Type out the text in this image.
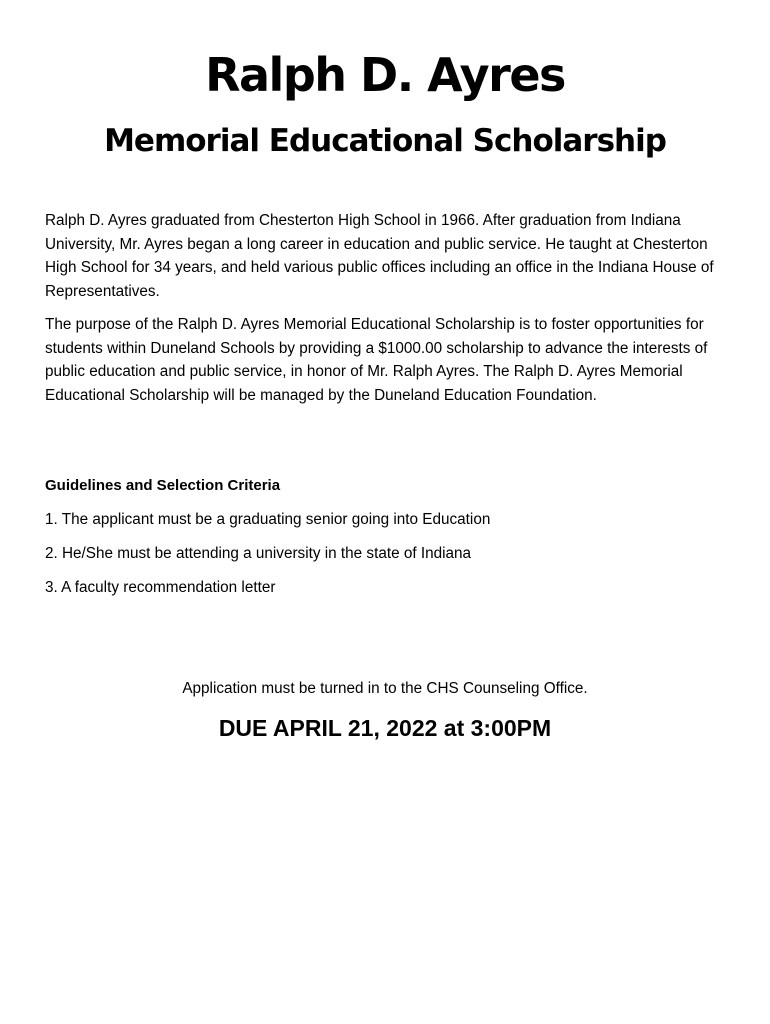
Ralph D. Ayres
Memorial Educational Scholarship

Ralph D. Ayres graduated from Chesterton High School in 1966. After graduation from Indiana University, Mr. Ayres began a long career in education and public service. He taught at Chesterton High School for 34 years, and held various public offices including an office in the Indiana House of Representatives.

The purpose of the Ralph D. Ayres Memorial Educational Scholarship is to foster opportunities for students within Duneland Schools by providing a $1000.00 scholarship to advance the interests of public education and public service, in honor of Mr. Ralph Ayres. The Ralph D. Ayres Memorial Educational Scholarship will be managed by the Duneland Education Foundation.

Guidelines and Selection Criteria
1. The applicant must be a graduating senior going into Education
2. He/She must be attending a university in the state of Indiana
3. A faculty recommendation letter

Application must be turned in to the CHS Counseling Office.

DUE APRIL 21, 2022 at 3:00PM
